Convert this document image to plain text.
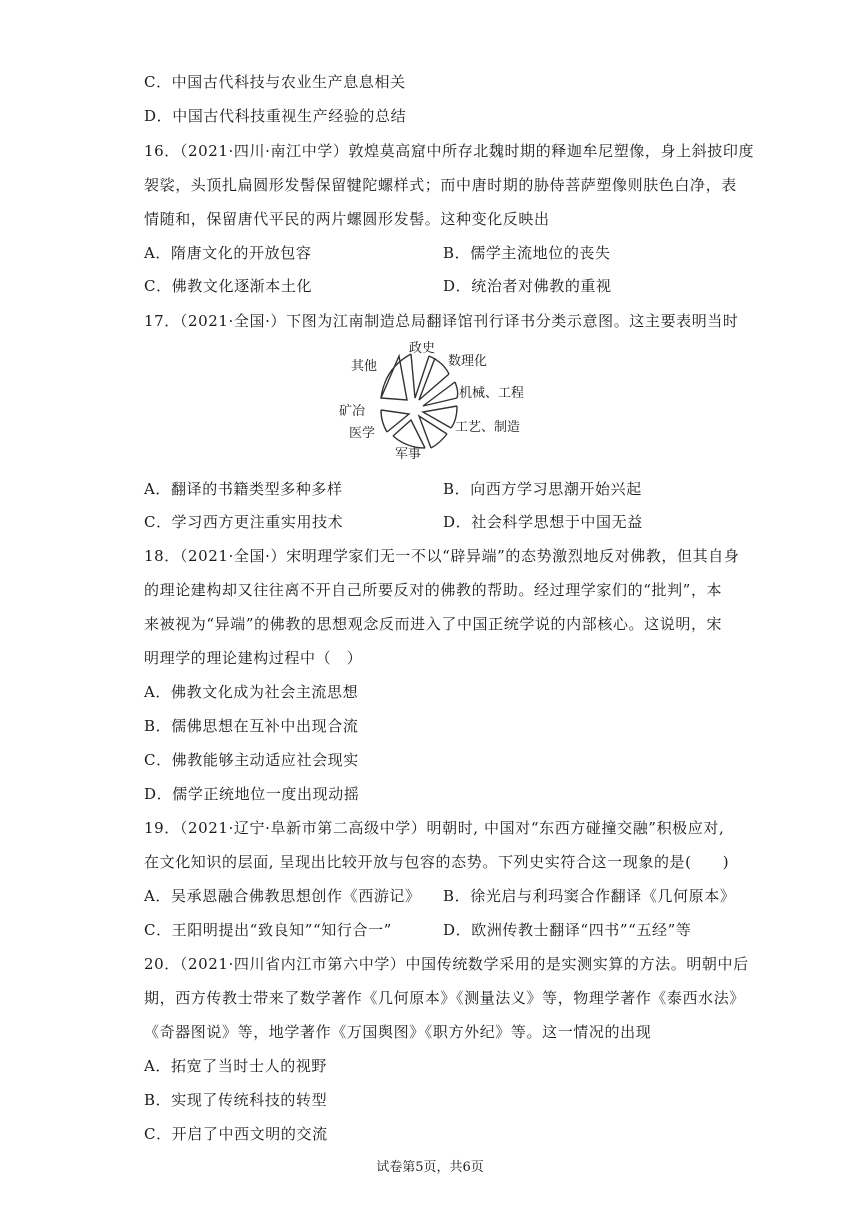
C．中国古代科技与农业生产息息相关
D．中国古代科技重视生产经验的总结
16．（2021·四川·南江中学）敦煌莫高窟中所存北魏时期的释迦牟尼塑像，身上斜披印度
袈裟，头顶扎扁圆形发髻保留犍陀螺样式；而中唐时期的胁侍菩萨塑像则肤色白净，表
情随和，保留唐代平民的两片螺圆形发髻。这种变化反映出
A．隋唐文化的开放包容	B．儒学主流地位的丧失
C．佛教文化逐渐本土化	D．统治者对佛教的重视
17．（2021·全国·）下图为江南制造总局翻译馆刊行译书分类示意图。这主要表明当时
政史
数理化
机械、工程
工艺、制造
军事
医学
矿冶
其他
A．翻译的书籍类型多种多样	B．向西方学习思潮开始兴起
C．学习西方更注重实用技术	D．社会科学思想于中国无益
18．（2021·全国·）宋明理学家们无一不以“辟异端”的态势激烈地反对佛教，但其自身
的理论建构却又往往离不开自己所要反对的佛教的帮助。经过理学家们的“批判”，本
来被视为“异端”的佛教的思想观念反而进入了中国正统学说的内部核心。这说明，宋
明理学的理论建构过程中（　）
A．佛教文化成为社会主流思想
B．儒佛思想在互补中出现合流
C．佛教能够主动适应社会现实
D．儒学正统地位一度出现动摇
19．（2021·辽宁·阜新市第二高级中学）明朝时, 中国对“东西方碰撞交融”积极应对,
在文化知识的层面, 呈现出比较开放与包容的态势。下列史实符合这一现象的是(　　)
A．吴承恩融合佛教思想创作《西游记》 B．徐光启与利玛窦合作翻译《几何原本》
C．王阳明提出“致良知”“知行合一”	D．欧洲传教士翻译“四书”“五经”等
20．（2021·四川省内江市第六中学）中国传统数学采用的是实测实算的方法。明朝中后
期，西方传教士带来了数学著作《几何原本》《测量法义》等，物理学著作《泰西水法》
《奇器图说》等，地学著作《万国舆图》《职方外纪》等。这一情况的出现
A．拓宽了当时士人的视野
B．实现了传统科技的转型
C．开启了中西文明的交流
试卷第5页，共6页
